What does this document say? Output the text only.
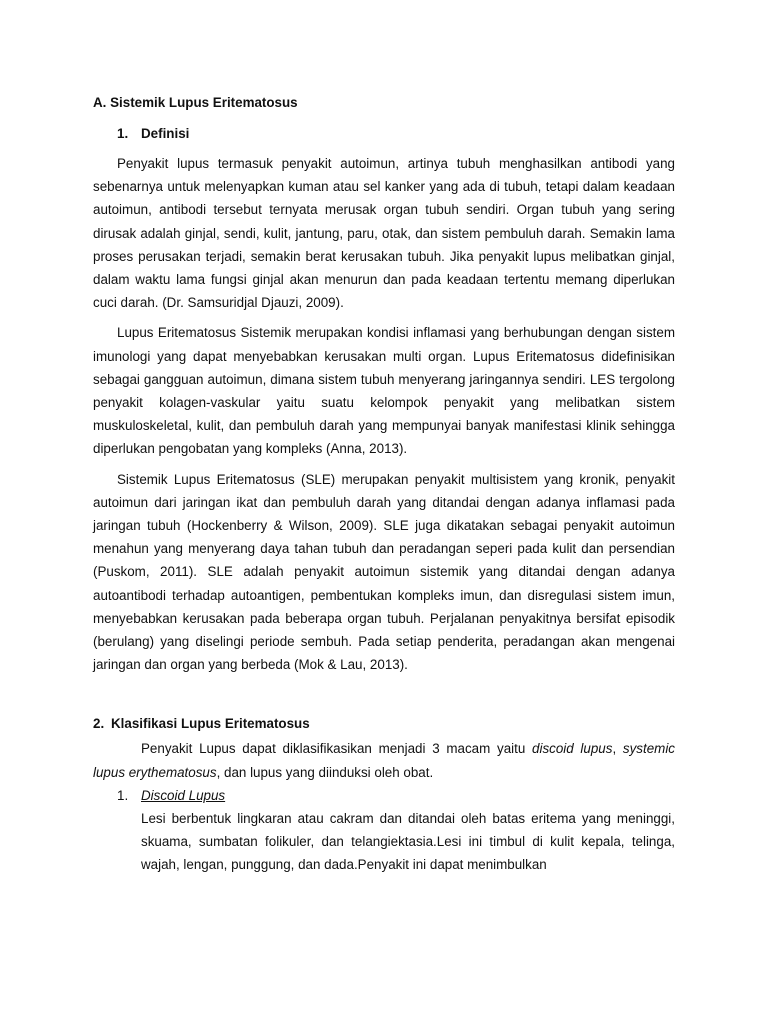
A. Sistemik Lupus Eritematosus

1. Definisi

Penyakit lupus termasuk penyakit autoimun, artinya tubuh menghasilkan antibodi yang sebenarnya untuk melenyapkan kuman atau sel kanker yang ada di tubuh, tetapi dalam keadaan autoimun, antibodi tersebut ternyata merusak organ tubuh sendiri. Organ tubuh yang sering dirusak adalah ginjal, sendi, kulit, jantung, paru, otak, dan sistem pembuluh darah. Semakin lama proses perusakan terjadi, semakin berat kerusakan tubuh. Jika penyakit lupus melibatkan ginjal, dalam waktu lama fungsi ginjal akan menurun dan pada keadaan tertentu memang diperlukan cuci darah. (Dr. Samsuridjal Djauzi, 2009).

Lupus Eritematosus Sistemik merupakan kondisi inflamasi yang berhubungan dengan sistem imunologi yang dapat menyebabkan kerusakan multi organ. Lupus Eritematosus didefinisikan sebagai gangguan autoimun, dimana sistem tubuh menyerang jaringannya sendiri. LES tergolong penyakit kolagen-vaskular yaitu suatu kelompok penyakit yang melibatkan sistem muskuloskeletal, kulit, dan pembuluh darah yang mempunyai banyak manifestasi klinik sehingga diperlukan pengobatan yang kompleks (Anna, 2013).

Sistemik Lupus Eritematosus (SLE) merupakan penyakit multisistem yang kronik, penyakit autoimun dari jaringan ikat dan pembuluh darah yang ditandai dengan adanya inflamasi pada jaringan tubuh (Hockenberry & Wilson, 2009). SLE juga dikatakan sebagai penyakit autoimun menahun yang menyerang daya tahan tubuh dan peradangan seperi pada kulit dan persendian (Puskom, 2011). SLE adalah penyakit autoimun sistemik yang ditandai dengan adanya autoantibodi terhadap autoantigen, pembentukan kompleks imun, dan disregulasi sistem imun, menyebabkan kerusakan pada beberapa organ tubuh. Perjalanan penyakitnya bersifat episodik (berulang) yang diselingi periode sembuh. Pada setiap penderita, peradangan akan mengenai jaringan dan organ yang berbeda (Mok & Lau, 2013).

2. Klasifikasi Lupus Eritematosus

Penyakit Lupus dapat diklasifikasikan menjadi 3 macam yaitu discoid lupus, systemic lupus erythematosus, dan lupus yang diinduksi oleh obat.

1. Discoid Lupus

Lesi berbentuk lingkaran atau cakram dan ditandai oleh batas eritema yang meninggi, skuama, sumbatan folikuler, dan telangiektasia.Lesi ini timbul di kulit kepala, telinga, wajah, lengan, punggung, dan dada.Penyakit ini dapat menimbulkan
